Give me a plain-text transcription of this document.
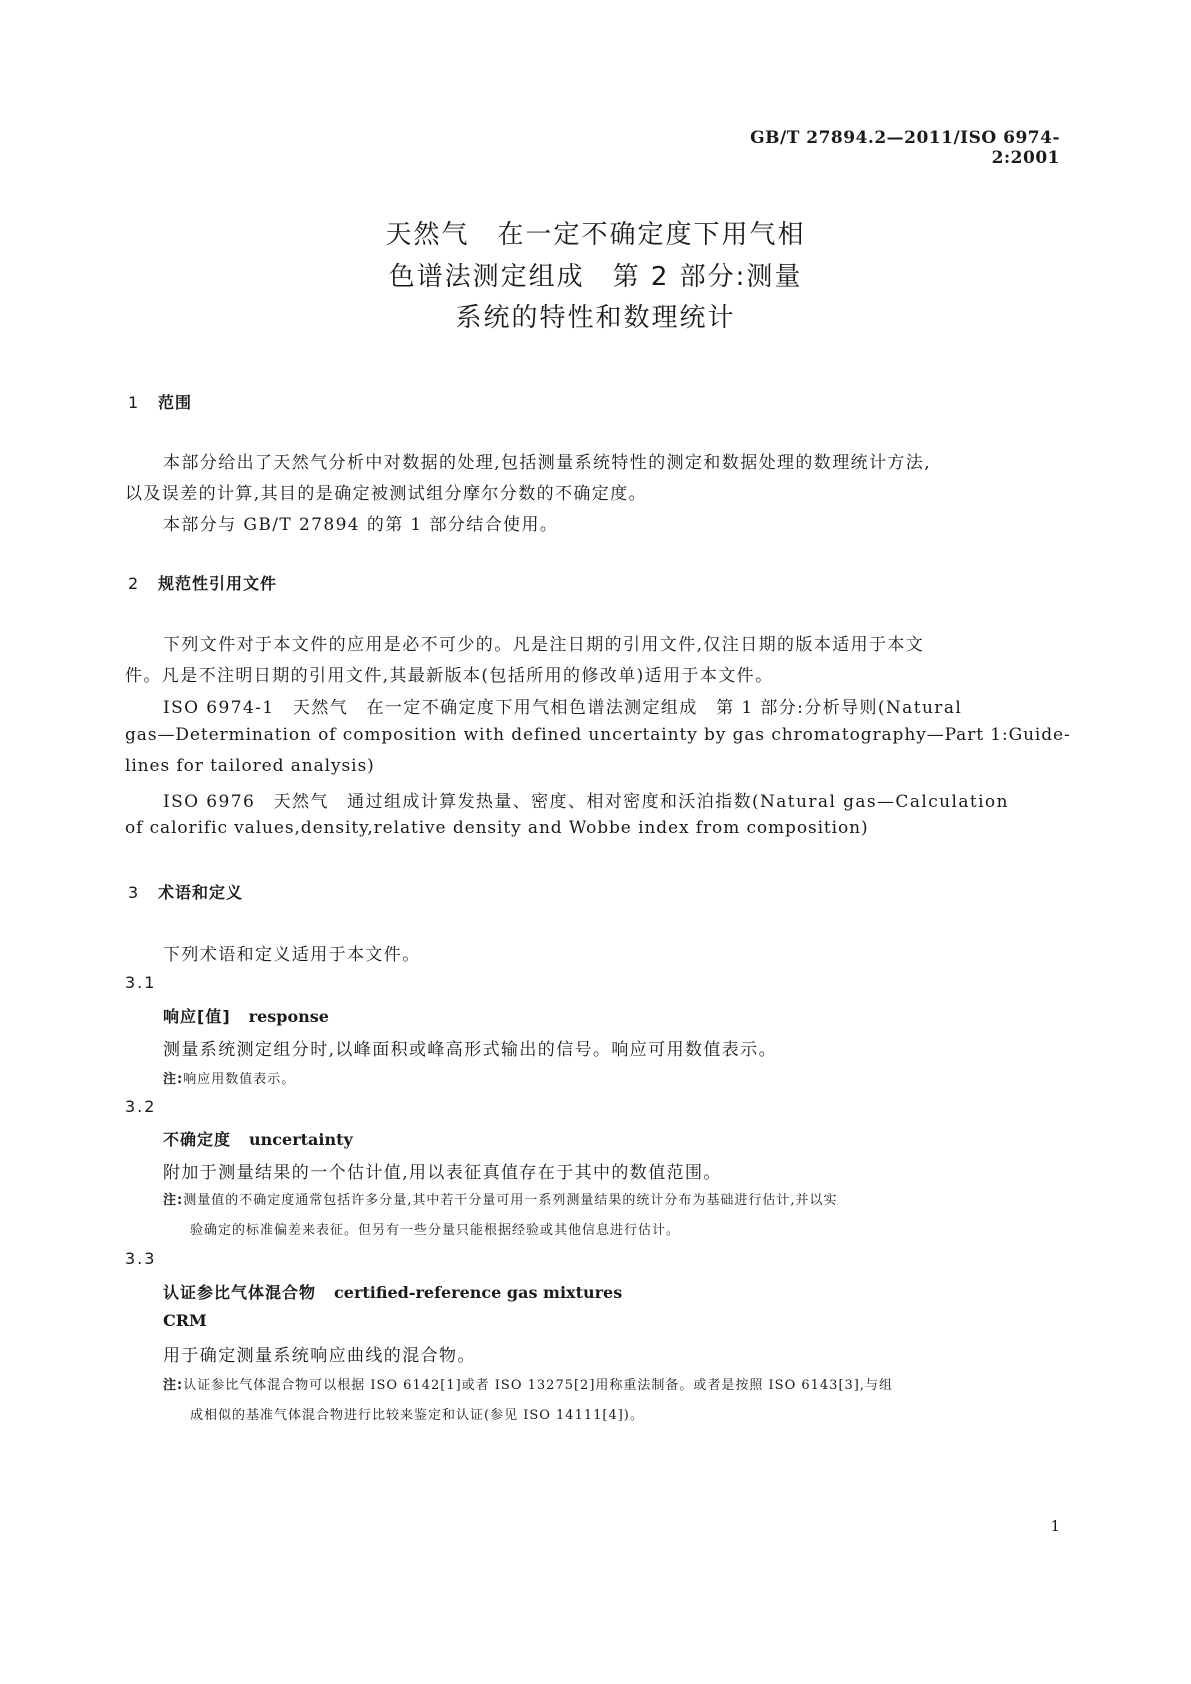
GB/T 27894.2—2011/ISO 6974-2:2001
天然气　在一定不确定度下用气相
色谱法测定组成　第 2 部分:测量
系统的特性和数理统计
1 范围
本部分给出了天然气分析中对数据的处理,包括测量系统特性的测定和数据处理的数理统计方法,
以及误差的计算,其目的是确定被测试组分摩尔分数的不确定度。
本部分与 GB/T 27894 的第 1 部分结合使用。
2 规范性引用文件
下列文件对于本文件的应用是必不可少的。凡是注日期的引用文件,仅注日期的版本适用于本文
件。凡是不注明日期的引用文件,其最新版本(包括所用的修改单)适用于本文件。
ISO 6974-1　天然气　在一定不确定度下用气相色谱法测定组成　第 1 部分:分析导则(Natural
gas—Determination of composition with defined uncertainty by gas chromatography—Part 1:Guide-
lines for tailored analysis)
ISO 6976　天然气　通过组成计算发热量、密度、相对密度和沃泊指数(Natural gas—Calculation
of calorific values,density,relative density and Wobbe index from composition)
3 术语和定义
下列术语和定义适用于本文件。
3.1
响应[值] response
测量系统测定组分时,以峰面积或峰高形式输出的信号。响应可用数值表示。
注:响应用数值表示。
3.2
不确定度 uncertainty
附加于测量结果的一个估计值,用以表征真值存在于其中的数值范围。
注:测量值的不确定度通常包括许多分量,其中若干分量可用一系列测量结果的统计分布为基础进行估计,并以实
验确定的标准偏差来表征。但另有一些分量只能根据经验或其他信息进行估计。
3.3
认证参比气体混合物 certified-reference gas mixtures
CRM
用于确定测量系统响应曲线的混合物。
注:认证参比气体混合物可以根据 ISO 6142[1]或者 ISO 13275[2]用称重法制备。或者是按照 ISO 6143[3],与组
成相似的基准气体混合物进行比较来鉴定和认证(参见 ISO 14111[4])。
1
